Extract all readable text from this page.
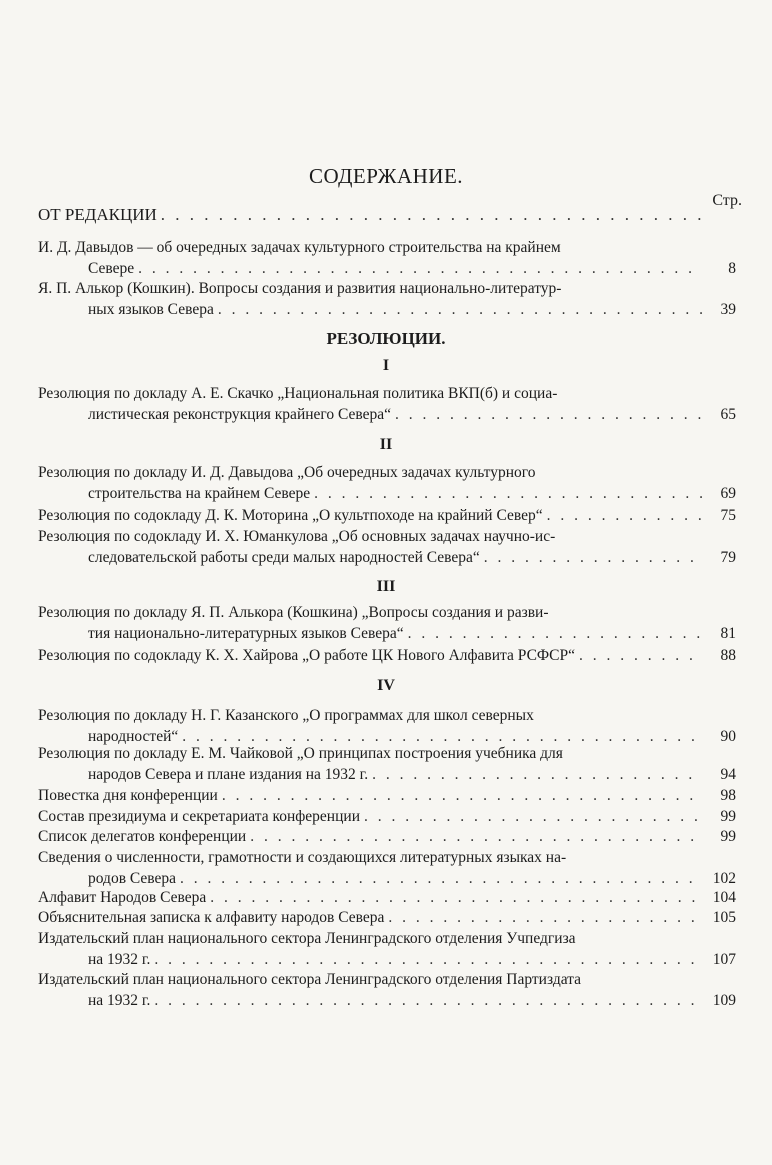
СОДЕРЖАНИЕ.
Стр.
ОТ РЕДАКЦИИ
. . .
И. Д. Давыдов — об очередных задачах культурного строительства на крайнем
Севере . . .	8
Я. П. Алькор (Кошкин). Вопросы создания и развития национально-литератур-
ных языков Севера . . .	39
РЕЗОЛЮЦИИ.
I
Резолюция по докладу А. Е. Скачко „Национальная политика ВКП(б) и социа-
листическая реконструкция крайнего Севера“ . . .	65
II
Резолюция по докладу И. Д. Давыдова „Об очередных задачах культурного
строительства на крайнем Севере . . .	69
Резолюция по содокладу Д. К. Моторина „О культпоходе на крайний Север“ . . .	75
Резолюция по содокладу И. Х. Юманкулова „Об основных задачах научно-ис-
следовательской работы среди малых народностей Севера“ . . .	79
III
Резолюция по докладу Я. П. Алькора (Кошкина) „Вопросы создания и разви-
тия национально-литературных языков Севера“ . . .	81
Резолюция по содокладу К. Х. Хайрова „О работе ЦК Нового Алфавита РСФСР“ . . .	88
IV
Резолюция по докладу Н. Г. Казанского „О программах для школ северных
народностей“ . . .	90
Резолюция по докладу Е. М. Чайковой „О принципах построения учебника для
народов Севера и плане издания на 1932 г. . . .	94
Повестка дня конференции . . .	98
Состав президиума и секретариата конференции . . .	99
Список делегатов конференции . . .	99
Сведения о численности, грамотности и создающихся литературных языках на-
родов Севера . . .	102
Алфавит Народов Севера . . .	104
Объяснительная записка к алфавиту народов Севера . . .	105
Издательский план национального сектора Ленинградского отделения Учпедгиза
на 1932 г. . . .	107
Издательский план национального сектора Ленинградского отделения Партиздата
на 1932 г. . . .	109
